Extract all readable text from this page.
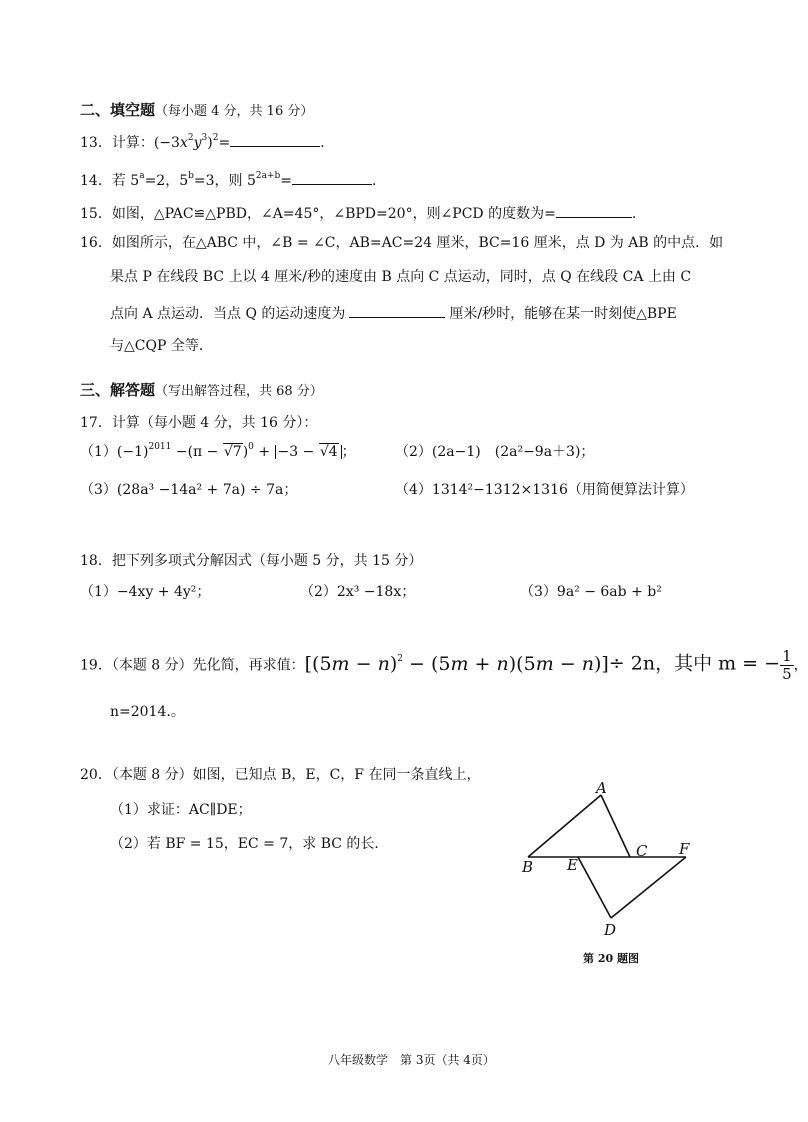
二、填空题（每小题 4 分，共 16 分）
13．计算：$(-3x^2y^3)^2=$	.
14．若 $5^a=2$，$5^b=3$，则 $5^{2a+b}=$	.
15．如图，△PAC≌△PBD，∠A=45°，∠BPD=20°，则∠PCD 的度数为=	.
16．如图所示，在△ABC 中，∠B = ∠C，AB=AC=24 厘米，BC=16 厘米，点 D 为 AB 的中点．如
果点 P 在线段 BC 上以 4 厘米/秒的速度由 B 点向 C 点运动，同时，点 Q 在线段 CA 上由 C
点向 A 点运动．当点 Q 的运动速度为	厘米/秒时，能够在某一时刻使△BPE
与△CQP 全等．
三、解答题（写出解答过程，共 68 分）
17．计算（每小题 4 分，共 16 分）：
$(1)(-1)^{2011} -(\pi - √7)^0 + -3 - √4$ ；	（2）(2a−1)　(2a²−9a＋3)；
（3）(28a³ −14a² + 7a) ÷ 7a；	（4）1314²−1312×1316（用简便算法计算）
18．把下列多项式分解因式（每小题 5 分，共 15 分）
（1）−4xy + 4y²；	（2）2x³ −18x；	（3）9a² − 6ab + b²
19．（本题 8 分）先化简，再求值：$[(5m - n)^2 - (5m + n)(5m - n)]\div 2n$，其中 m = − $\frac{1}{5}$ ，
n=2014.。
20．（本题 8 分）如图，已知点 B，E，C，F 在同一条直线上，
（1）求证：AC∥DE；
（2）若 BF = 15，EC = 7，求 BC 的长．
A
B
C
D
E
F
第 20 题图
八年级数学　第 3页（共 4页）
